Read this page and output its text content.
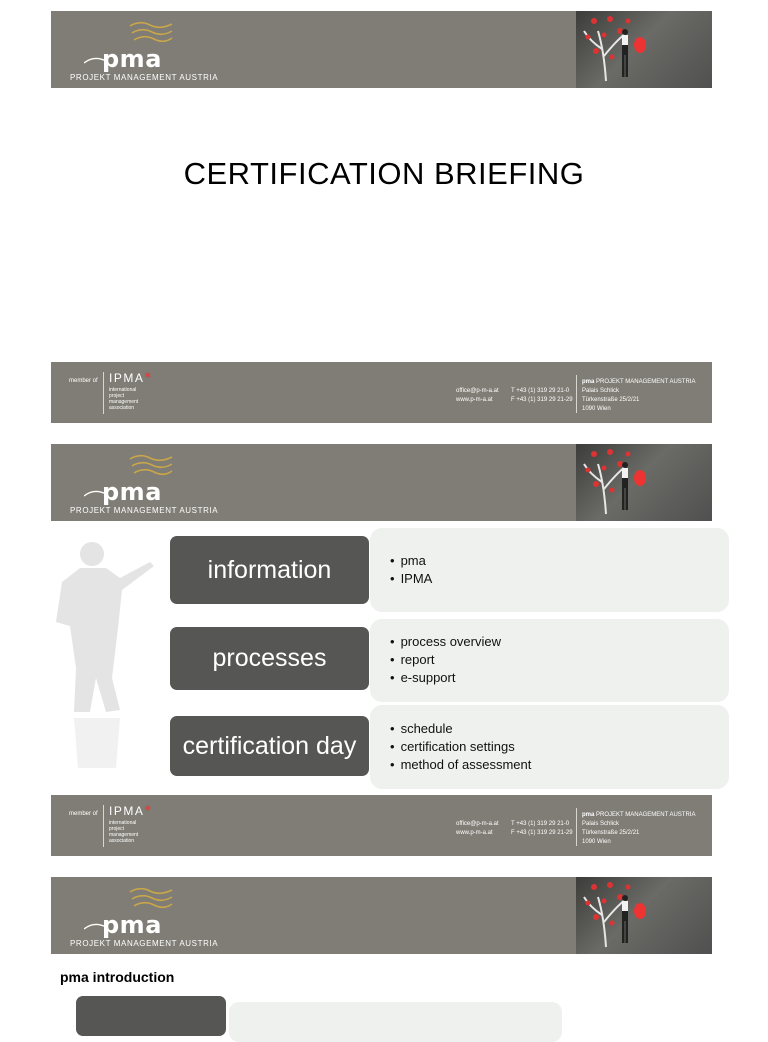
pma
PROJEKT MANAGEMENT AUSTRIA
CERTIFICATION BRIEFING
member of IPMA✱
international
project
management
association
office@p-m-a.at
www.p-m-a.at
T +43 (1) 319 29 21-0
F +43 (1) 319 29 21-29
pma PROJEKT MANAGEMENT AUSTRIA
Palais Schlick
Türkenstraße 25/2/21
1090 Wien
pma
PROJEKT MANAGEMENT AUSTRIA
information
•	pma
• IPMA
processes
• process overview
• report
• e-support
certification day
• schedule
• certification settings
• method of assessment
member of IPMA✱
international
project
management
association
office@p-m-a.at
www.p-m-a.at
T +43 (1) 319 29 21-0
F +43 (1) 319 29 21-29
pma PROJEKT MANAGEMENT AUSTRIA
Palais Schlick
Türkenstraße 25/2/21
1090 Wien
pma
PROJEKT MANAGEMENT AUSTRIA
pma introduction
